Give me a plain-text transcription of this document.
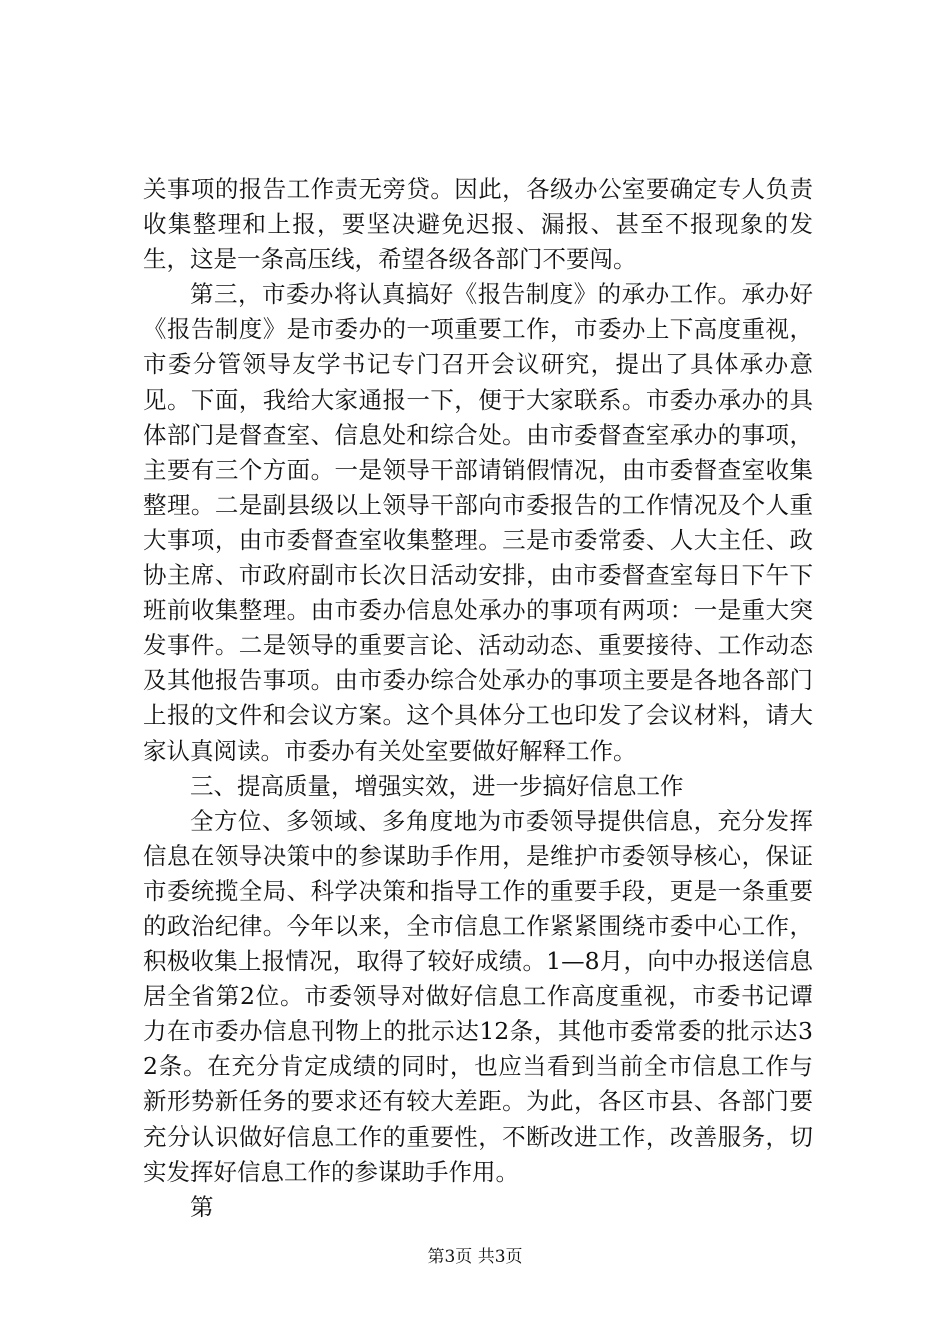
关事项的报告工作责无旁贷。因此，各级办公室要确定专人负责收集整理和上报，要坚决避免迟报、漏报、甚至不报现象的发生，这是一条高压线，希望各级各部门不要闯。

第三，市委办将认真搞好《报告制度》的承办工作。承办好《报告制度》是市委办的一项重要工作，市委办上下高度重视，市委分管领导友学书记专门召开会议研究，提出了具体承办意见。下面，我给大家通报一下，便于大家联系。市委办承办的具体部门是督查室、信息处和综合处。由市委督查室承办的事项，主要有三个方面。一是领导干部请销假情况，由市委督查室收集整理。二是副县级以上领导干部向市委报告的工作情况及个人重大事项，由市委督查室收集整理。三是市委常委、人大主任、政协主席、市政府副市长次日活动安排，由市委督查室每日下午下班前收集整理。由市委办信息处承办的事项有两项：一是重大突发事件。二是领导的重要言论、活动动态、重要接待、工作动态及其他报告事项。由市委办综合处承办的事项主要是各地各部门上报的文件和会议方案。这个具体分工也印发了会议材料，请大家认真阅读。市委办有关处室要做好解释工作。

三、提高质量，增强实效，进一步搞好信息工作

全方位、多领域、多角度地为市委领导提供信息，充分发挥信息在领导决策中的参谋助手作用，是维护市委领导核心，保证市委统揽全局、科学决策和指导工作的重要手段，更是一条重要的政治纪律。今年以来，全市信息工作紧紧围绕市委中心工作，积极收集上报情况，取得了较好成绩。1—8月，向中办报送信息居全省第2位。市委领导对做好信息工作高度重视，市委书记谭力在市委办信息刊物上的批示达12条，其他市委常委的批示达32条。在充分肯定成绩的同时，也应当看到当前全市信息工作与新形势新任务的要求还有较大差距。为此，各区市县、各部门要充分认识做好信息工作的重要性，不断改进工作，改善服务，切实发挥好信息工作的参谋助手作用。

第

第3页 共3页
